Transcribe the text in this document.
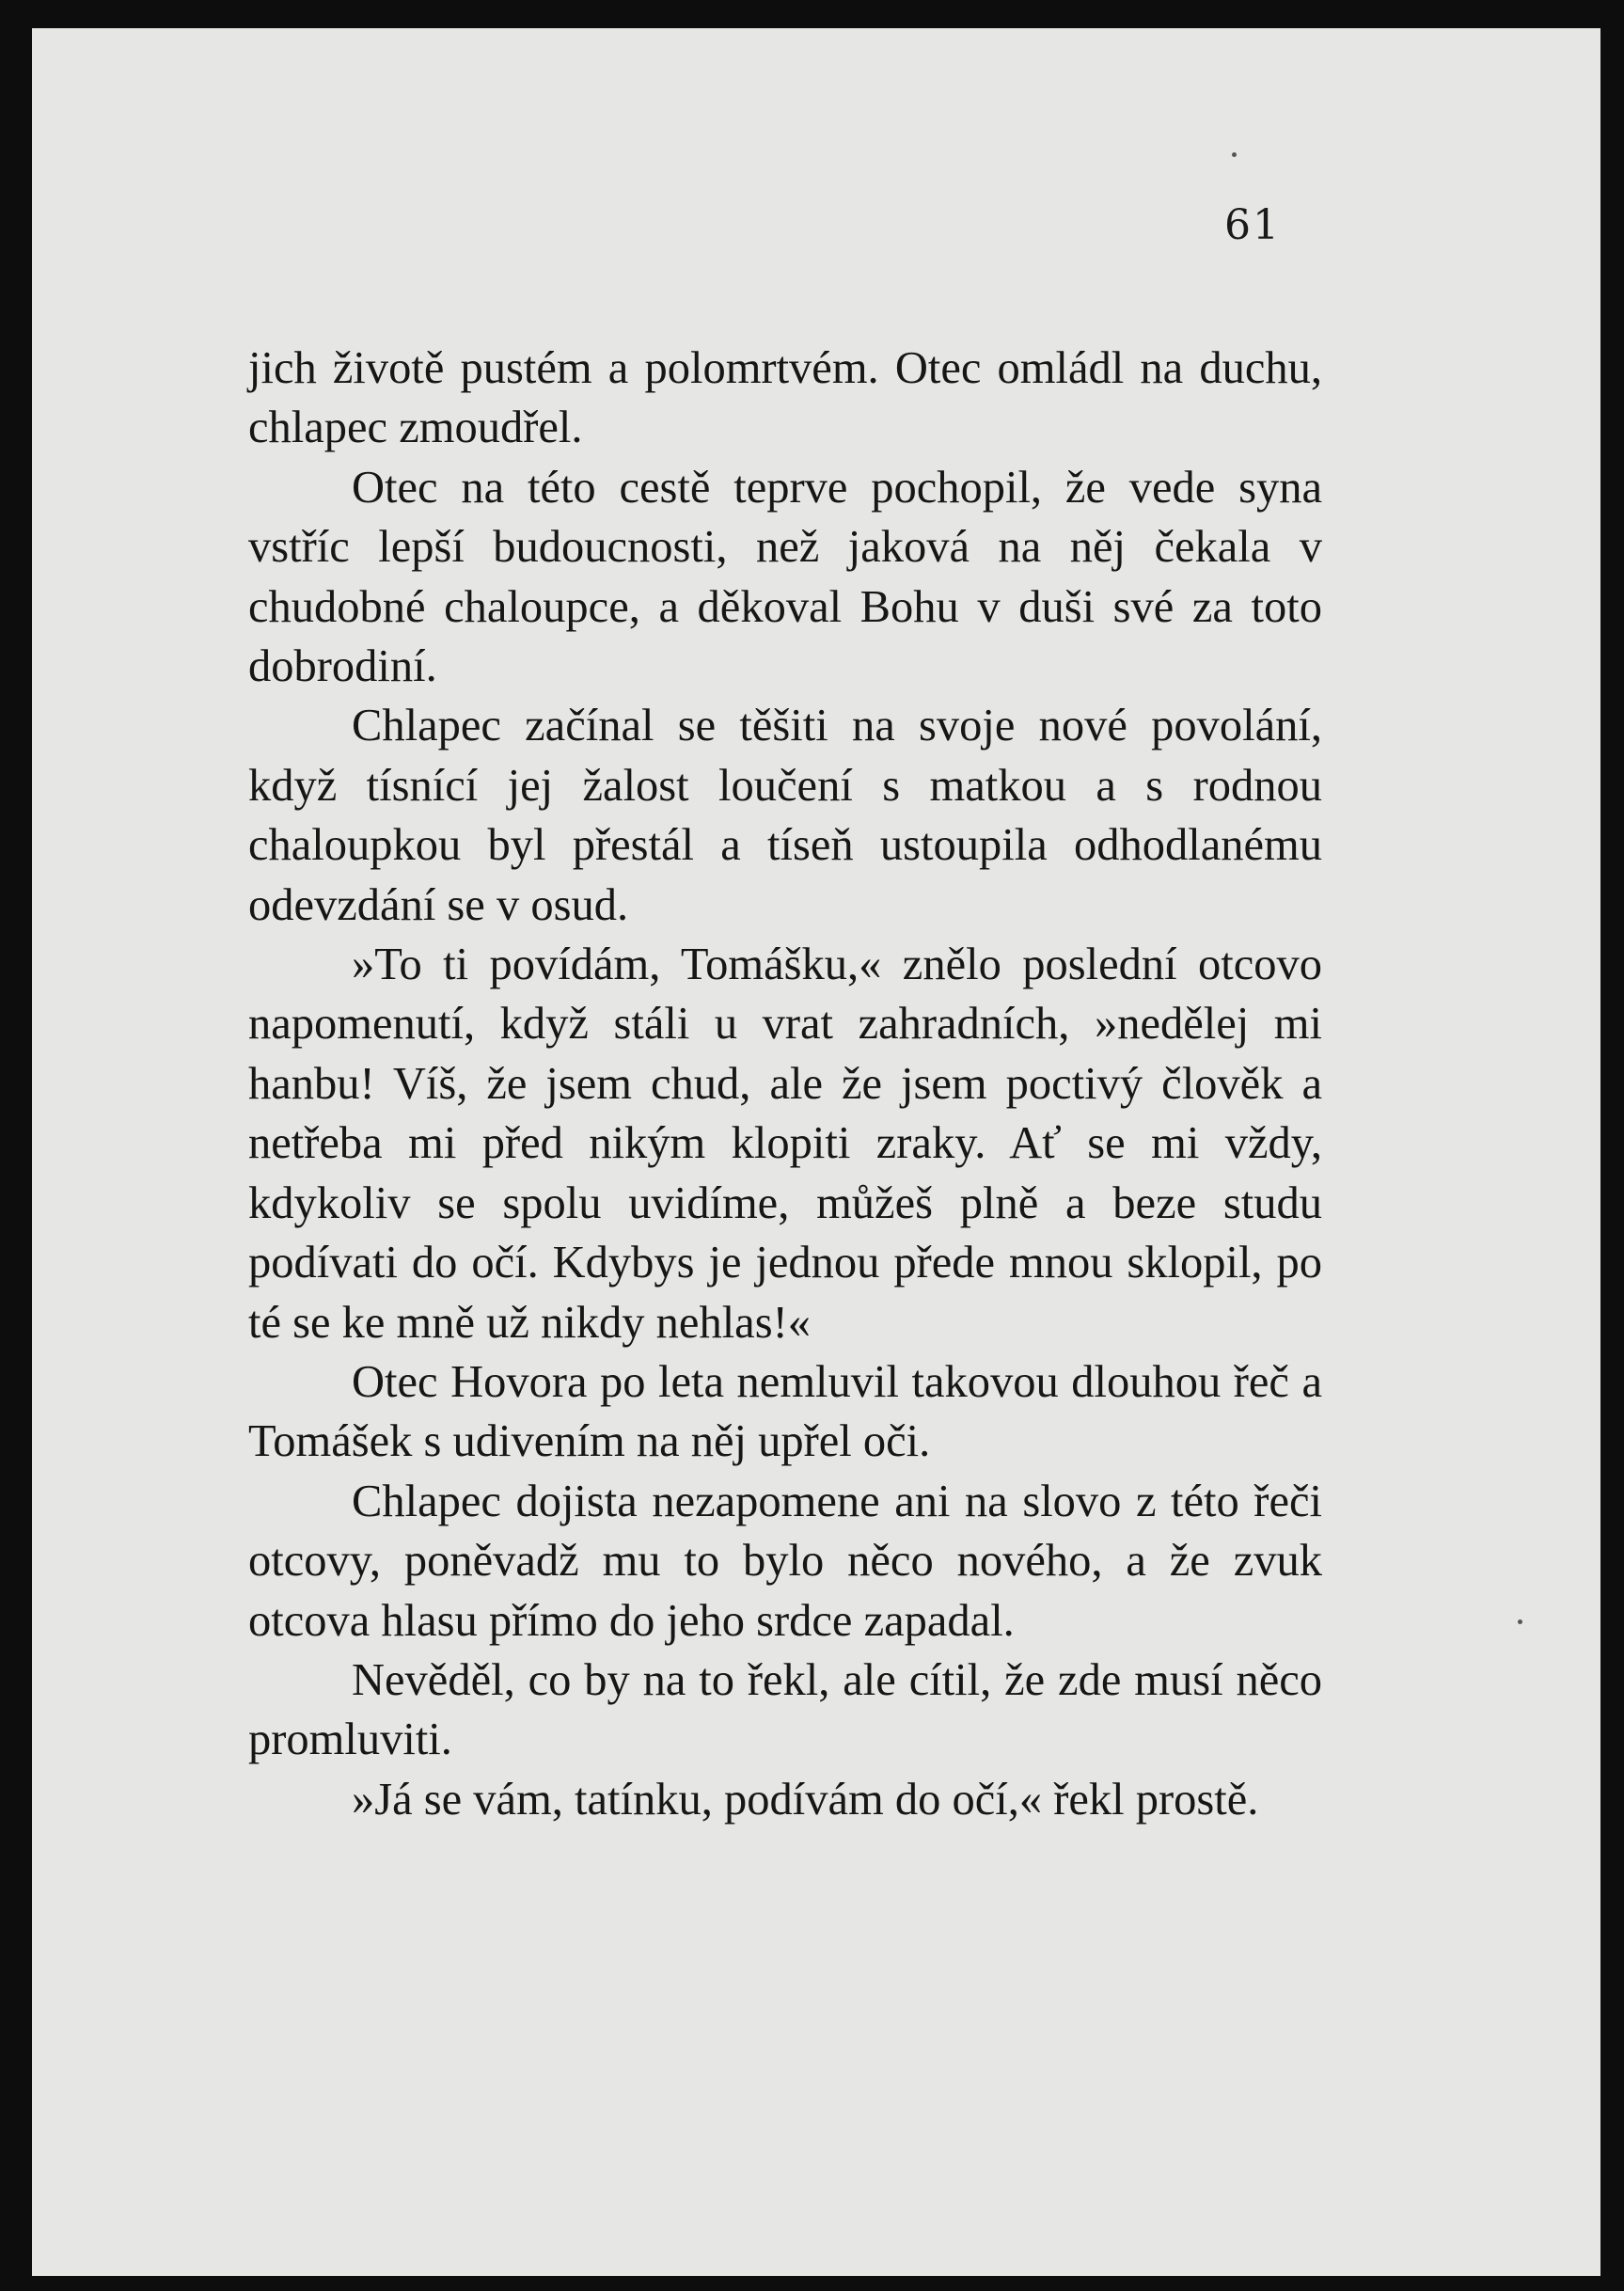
61

jich životě pustém a polomrtvém. Otec omládl na duchu, chlapec zmoudřel.

Otec na této cestě teprve pochopil, že vede syna vstříc lepší budoucnosti, než jaková na něj čekala v chudobné chaloupce, a děkoval Bohu v duši své za toto dobrodiní.

Chlapec začínal se těšiti na svoje nové povolání, když tísnící jej žalost loučení s matkou a s rodnou chaloupkou byl přestál a tíseň ustoupila odhodlanému odevzdání se v osud.

»To ti povídám, Tomášku,« znělo poslední otcovo napomenutí, když stáli u vrat zahradních, »nedělej mi hanbu! Víš, že jsem chud, ale že jsem poctivý člověk a netřeba mi před nikým klopiti zraky. Ať se mi vždy, kdykoliv se spolu uvidíme, můžeš plně a beze studu podívati do očí. Kdybys je jednou přede mnou sklopil, po té se ke mně už nikdy nehlas!«

Otec Hovora po leta nemluvil takovou dlouhou řeč a Tomášek s udivením na něj upřel oči.

Chlapec dojista nezapomene ani na slovo z této řeči otcovy, poněvadž mu to bylo něco nového, a že zvuk otcova hlasu přímo do jeho srdce zapadal.

Nevěděl, co by na to řekl, ale cítil, že zde musí něco promluviti.

»Já se vám, tatínku, podívám do očí,« řekl prostě.
